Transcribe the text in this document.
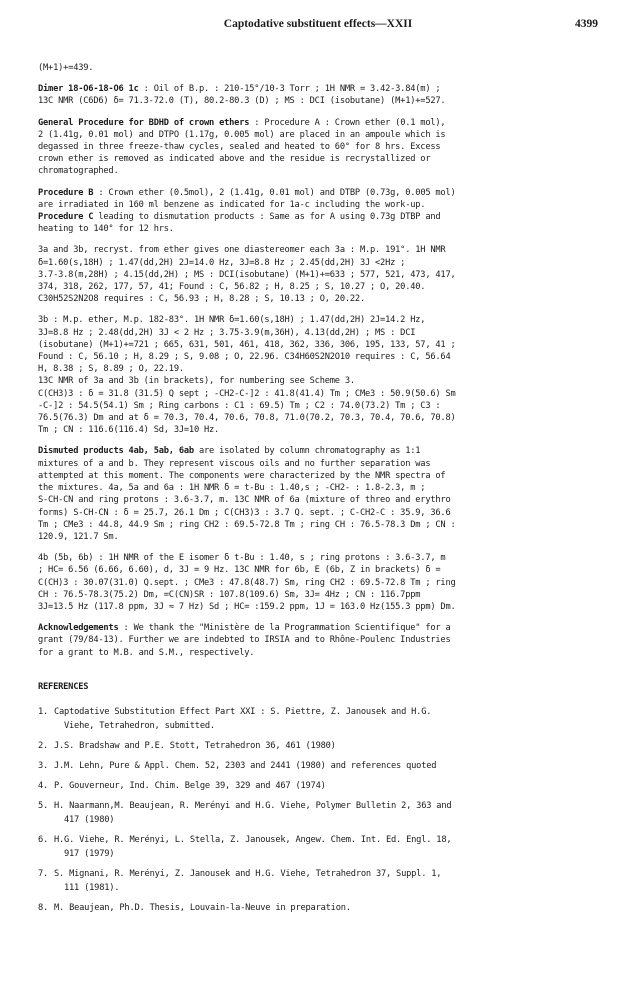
Captodative substituent effects—XXII	4399
(M+1)+=439.
Dimer 18-O6-18-O6 1c : Oil of B.p. : 210-15°/10-3 Torr ; 1H NMR = 3.42-3.84(m) ;
13C NMR (C6D6) δ= 71.3-72.0 (T), 80.2-80.3 (D) ; MS : DCI (isobutane) (M+1)+=527.
General Procedure for BDHD of crown ethers : Procedure A : Crown ether (0.1 mol),
2 (1.41g, 0.01 mol) and DTPO (1.17g, 0.005 mol) are placed in an ampoule which is
degassed in three freeze-thaw cycles, sealed and heated to 60° for 8 hrs. Excess
crown ether is removed as indicated above and the residue is recrystallized or
chromatographed.
Procedure B : Crown ether (0.5mol), 2 (1.41g, 0.01 mol) and DTBP (0.73g, 0.005 mol)
are irradiated in 160 ml benzene as indicated for 1a-c including the work-up.
Procedure C leading to dismutation products : Same as for A using 0.73g DTBP and
heating to 140° for 12 hrs.
3a and 3b, recryst. from ether gives one diastereomer each 3a : M.p. 191°. 1H NMR
δ=1.60(s,18H) ; 1.47(dd,2H) 2J=14.0 Hz, 3J=8.8 Hz ; 2.45(dd,2H) 3J <2Hz ;
3.7-3.8(m,28H) ; 4.15(dd,2H) ; MS : DCI(isobutane) (M+1)+=633 ; 577, 521, 473, 417,
374, 318, 262, 177, 57, 41; Found : C, 56.82 ; H, 8.25 ; S, 10.27 ; O, 20.40.
C30H52S2N2O8 requires : C, 56.93 ; H, 8.28 ; S, 10.13 ; O, 20.22.
3b : M.p. ether, M.p. 182-83°. 1H NMR δ=1.60(s,18H) ; 1.47(dd,2H) 2J=14.2 Hz,
3J=8.8 Hz ; 2.48(dd,2H) 3J < 2 Hz ; 3.75-3.9(m,36H), 4.13(dd,2H) ; MS : DCI
(isobutane) (M+1)+=721 ; 665, 631, 501, 461, 418, 362, 336, 306, 195, 133, 57, 41 ;
Found : C, 56.10 ; H, 8.29 ; S, 9.08 ; O, 22.96. C34H60S2N2O10 requires : C, 56.64
H, 8.38 ; S, 8.89 ; O, 22.19.
13C NMR of 3a and 3b (in brackets), for numbering see Scheme 3.
C(CH3)3 : δ = 31.8 (31.5) Q sept ; -CH2-C-]2 : 41.8(41.4) Tm ; CMe3 : 50.9(50.6) Sm
-C-]2 : 54.5(54.1) Sm ; Ring carbons : C1 : 69.5) Tm ; C2 : 74.0(73.2) Tm ; C3 :
76.5(76.3) Dm and at δ = 70.3, 70.4, 70.6, 70.8, 71.0(70.2, 70.3, 70.4, 70.6, 70.8)
Tm ; CN : 116.6(116.4) Sd, 3J=10 Hz.
Dismuted products 4ab, 5ab, 6ab are isolated by column chromatography as 1:1
mixtures of a and b. They represent viscous oils and no further separation was
attempted at this moment. The components were characterized by the NMR spectra of
the mixtures. 4a, 5a and 6a : 1H NMR δ = t-Bu : 1.40,s ; -CH2- : 1.8-2.3, m ;
S-CH-CN and ring protons : 3.6-3.7, m. 13C NMR of 6a (mixture of threo and erythro
forms) S-CH-CN : δ = 25.7, 26.1 Dm ; C(CH3)3 : 3.7 Q. sept. ; C-CH2-C : 35.9, 36.6
Tm ; CMe3 : 44.8, 44.9 Sm ; ring CH2 : 69.5-72.8 Tm ; ring CH : 76.5-78.3 Dm ; CN :
120.9, 121.7 Sm.
4b (5b, 6b) : 1H NMR of the E isomer δ t-Bu : 1.40, s ; ring protons : 3.6-3.7, m
; HC= 6.56 (6.66, 6.60), d, 3J = 9 Hz. 13C NMR for 6b, E (6b, Z in brackets) δ =
C(CH)3 : 30.07(31.0) Q.sept. ; CMe3 : 47.8(48.7) Sm, ring CH2 : 69.5-72.8 Tm ; ring
CH : 76.5-78.3(75.2) Dm, =C(CN)SR : 107.8(109.6) Sm, 3J= 4Hz ; CN : 116.7ppm
3J=13.5 Hz (117.8 ppm, 3J ≈ 7 Hz) Sd ; HC= :159.2 ppm, 1J = 163.0 Hz(155.3 ppm) Dm.
Acknowledgements : We thank the "Ministère de la Programmation Scientifique" for a
grant (79/84-13). Further we are indebted to IRSIA and to Rhône-Poulenc Industries
for a grant to M.B. and S.M., respectively.
REFERENCES
1. Captodative Substitution Effect Part XXI : S. Piettre, Z. Janousek and H.G.
Viehe, Tetrahedron, submitted.
2. J.S. Bradshaw and P.E. Stott, Tetrahedron 36, 461 (1980)
3. J.M. Lehn, Pure & Appl. Chem. 52, 2303 and 2441 (1980) and references quoted
4. P. Gouverneur, Ind. Chim. Belge 39, 329 and 467 (1974)
5. H. Naarmann,M. Beaujean, R. Merényi and H.G. Viehe, Polymer Bulletin 2, 363 and
417 (1980)
6. H.G. Viehe, R. Merényi, L. Stella, Z. Janousek, Angew. Chem. Int. Ed. Engl. 18,
917 (1979)
7. S. Mignani, R. Merényi, Z. Janousek and H.G. Viehe, Tetrahedron 37, Suppl. 1,
111 (1981).
8. M. Beaujean, Ph.D. Thesis, Louvain-la-Neuve in preparation.
